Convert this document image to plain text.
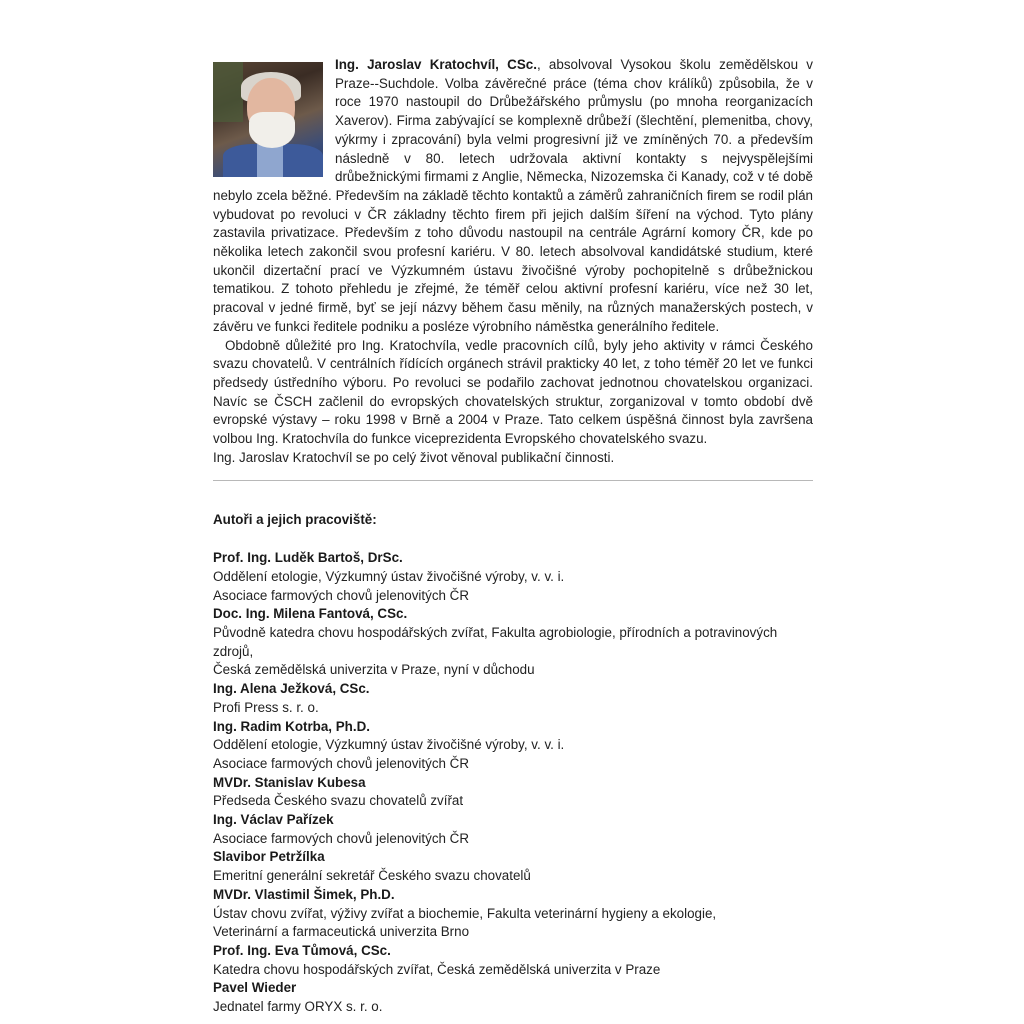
Ing. Jaroslav Kratochvíl, CSc., absolvoval Vysokou školu zemědělskou v Praze--Suchdole. Volba závěrečné práce (téma chov králíků) způsobila, že v roce 1970 nastoupil do Drůbežářského průmyslu (po mnoha reorganizacích Xaverov). Firma zabývající se komplexně drůbeží (šlechtění, plemenitba, chovy, výkrmy i zpracování) byla velmi progresivní již ve zmíněných 70. a především následně v 80. letech udržovala aktivní kontakty s nejvyspělejšími drůbežnickými firmami z Anglie, Německa, Nizozemska či Kanady, což v té době nebylo zcela běžné. Především na základě těchto kontaktů a záměrů zahraničních firem se rodil plán vybudovat po revoluci v ČR základny těchto firem při jejich dalším šíření na východ. Tyto plány zastavila privatizace. Především z toho důvodu nastoupil na centrále Agrární komory ČR, kde po několika letech zakončil svou profesní kariéru. V 80. letech absolvoval kandidátské studium, které ukončil dizertační prací ve Výzkumném ústavu živočišné výroby pochopitelně s drůbežnickou tematikou. Z tohoto přehledu je zřejmé, že téměř celou aktivní profesní kariéru, více než 30 let, pracoval v jedné firmě, byť se její názvy během času měnily, na různých manažerských postech, v závěru ve funkci ředitele podniku a posléze výrobního náměstka generálního ředitele.

Obdobně důležité pro Ing. Kratochvíla, vedle pracovních cílů, byly jeho aktivity v rámci Českého svazu chovatelů. V centrálních řídících orgánech strávil prakticky 40 let, z toho téměř 20 let ve funkci předsedy ústředního výboru. Po revoluci se podařilo zachovat jednotnou chovatelskou organizaci. Navíc se ČSCH začlenil do evropských chovatelských struktur, zorganizoval v tomto období dvě evropské výstavy – roku 1998 v Brně a 2004 v Praze. Tato celkem úspěšná činnost byla završena volbou Ing. Kratochvíla do funkce viceprezidenta Evropského chovatelského svazu.

Ing. Jaroslav Kratochvíl se po celý život věnoval publikační činnosti.

Autoři a jejich pracoviště:
Prof. Ing. Luděk Bartoš, DrSc.
Oddělení etologie, Výzkumný ústav živočišné výroby, v. v. i.
Asociace farmových chovů jelenovitých ČR
Doc. Ing. Milena Fantová, CSc.
Původně katedra chovu hospodářských zvířat, Fakulta agrobiologie, přírodních a potravinových zdrojů,
Česká zemědělská univerzita v Praze, nyní v důchodu
Ing. Alena Ježková, CSc.
Profi Press s. r. o.
Ing. Radim Kotrba, Ph.D.
Oddělení etologie, Výzkumný ústav živočišné výroby, v. v. i.
Asociace farmových chovů jelenovitých ČR
MVDr. Stanislav Kubesa
Předseda Českého svazu chovatelů zvířat
Ing. Václav Pařízek
Asociace farmových chovů jelenovitých ČR
Slavibor Petržílka
Emeritní generální sekretář Českého svazu chovatelů
MVDr. Vlastimil Šimek, Ph.D.
Ústav chovu zvířat, výživy zvířat a biochemie, Fakulta veterinární hygieny a ekologie,
Veterinární a farmaceutická univerzita Brno
Prof. Ing. Eva Tůmová, CSc.
Katedra chovu hospodářských zvířat, Česká zemědělská univerzita v Praze
Pavel Wieder
Jednatel farmy ORYX s. r. o.
